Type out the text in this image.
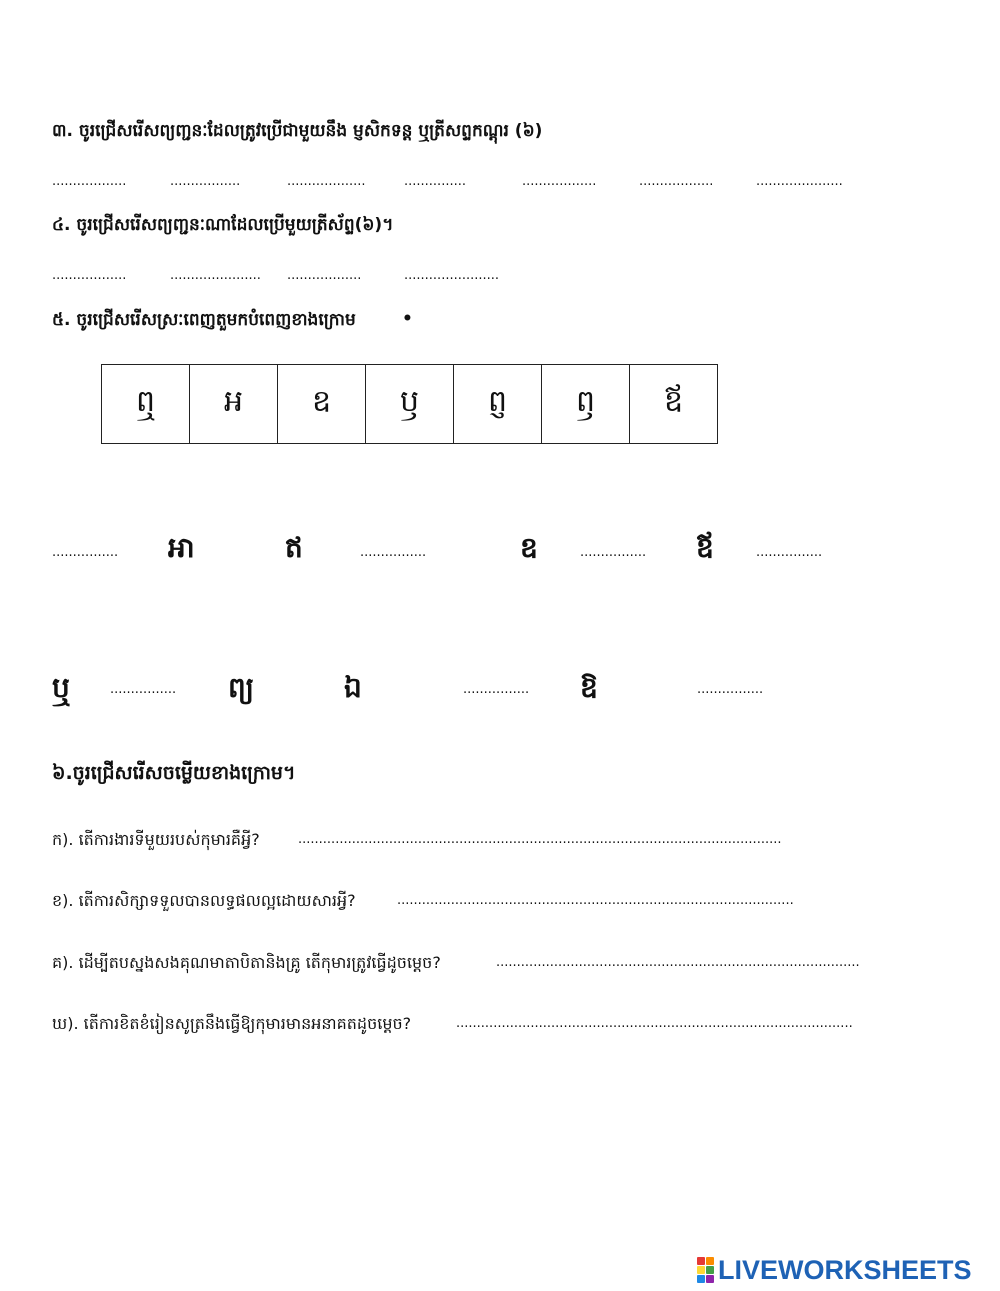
៣. ចូរជ្រើសរើសព្យញ្ជនៈដែលត្រូវប្រើជាមួយនឹង ម្ញសិកទន្ត ឬត្រីសព្ទកណ្ដុរ (៦)
..................	.................	...................	...............	..................	..................	.....................
៤. ចូរជ្រើសរើសព្យញ្ជនៈណាដែលប្រើមួយត្រីស័ព្ទ(៦)។
..................	...................... ..................	.......................
៥. ចូរជ្រើសរើសស្រៈពេញតួមកបំពេញខាងក្រោម	•
ឮ	អ	ឧ	ឫ	ព្ញ	ឭ	ឪ
................ អា	ឥ	................	ឧ	................ ឪ	................
ឬ	................ ព្យ	ឯ	................ ឱ	................
៦.ចូរជ្រើសរើសចម្លើយខាងក្រោម។
ក). តើការងារទីមួយរបស់កុមារគឺអ្វី?	.....................................................................................................................
ខ). តើការសិក្សាទទួលបានលទ្ធផលល្អដោយសារអ្វី?	................................................................................................
គ). ដើម្បីតបស្នងសងគុណមាតាបិតានិងគ្រូ តើកុមារត្រូវធ្វើដូចម្ដេច?	........................................................................................
ឃ). តើការខិតខំរៀនសូត្រនឹងធ្វើឱ្យកុមារមានអនាគតដូចម្ដេច?	................................................................................................
LIVEWORKSHEETS
